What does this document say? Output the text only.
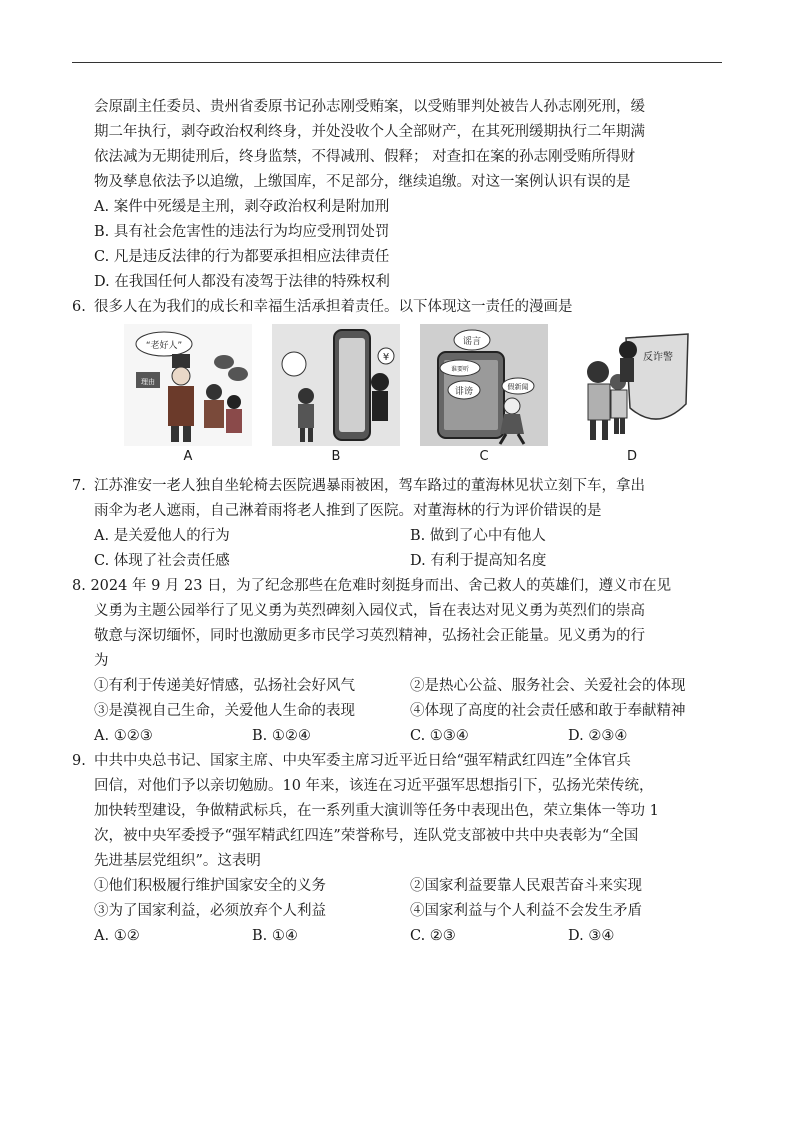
会原副主任委员、贵州省委原书记孙志刚受贿案，以受贿罪判处被告人孙志刚死刑，缓
期二年执行，剥夺政治权利终身，并处没收个人全部财产，在其死刑缓期执行二年期满
依法减为无期徒刑后，终身监禁，不得减刑、假释； 对查扣在案的孙志刚受贿所得财
物及孳息依法予以追缴，上缴国库，不足部分，继续追缴。对这一案例认识有误的是
A. 案件中死缓是主刑，剥夺政治权利是附加刑
B. 具有社会危害性的违法行为均应受刑罚处罚
C. 凡是违反法律的行为都要承担相应法律责任
D. 在我国任何人都没有凌驾于法律的特殊权利
6. 很多人在为我们的成长和幸福生活承担着责任。以下体现这一责任的漫画是
“老好人”
理由
A
¥
B
谣言
谁要听
诽谤	假新闻
C
反诈警
D
7. 江苏淮安一老人独自坐轮椅去医院遇暴雨被困，驾车路过的董海林见状立刻下车，拿出
雨伞为老人遮雨，自己淋着雨将老人推到了医院。对董海林的行为评价错误的是
A. 是关爱他人的行为	B. 做到了心中有他人
C. 体现了社会责任感	D. 有利于提高知名度
8. 2024 年 9 月 23 日，为了纪念那些在危难时刻挺身而出、舍己救人的英雄们，遵义市在见
义勇为主题公园举行了见义勇为英烈碑刻入园仪式，旨在表达对见义勇为英烈们的崇高
敬意与深切缅怀，同时也激励更多市民学习英烈精神，弘扬社会正能量。见义勇为的行
为
①有利于传递美好情感，弘扬社会好风气	②是热心公益、服务社会、关爱社会的体现
③是漠视自己生命，关爱他人生命的表现	④体现了高度的社会责任感和敢于奉献精神
A. ①②③	B. ①②④	C. ①③④	D. ②③④
9. 中共中央总书记、国家主席、中央军委主席习近平近日给“强军精武红四连”全体官兵
回信，对他们予以亲切勉励。10 年来，该连在习近平强军思想指引下，弘扬光荣传统，
加快转型建设，争做精武标兵，在一系列重大演训等任务中表现出色，荣立集体一等功 1
次，被中央军委授予“强军精武红四连”荣誉称号，连队党支部被中共中央表彰为“全国
先进基层党组织”。这表明
①他们积极履行维护国家安全的义务	②国家利益要靠人民艰苦奋斗来实现
③为了国家利益，必须放弃个人利益	④国家利益与个人利益不会发生矛盾
A. ①②	B. ①④	C. ②③	D. ③④
